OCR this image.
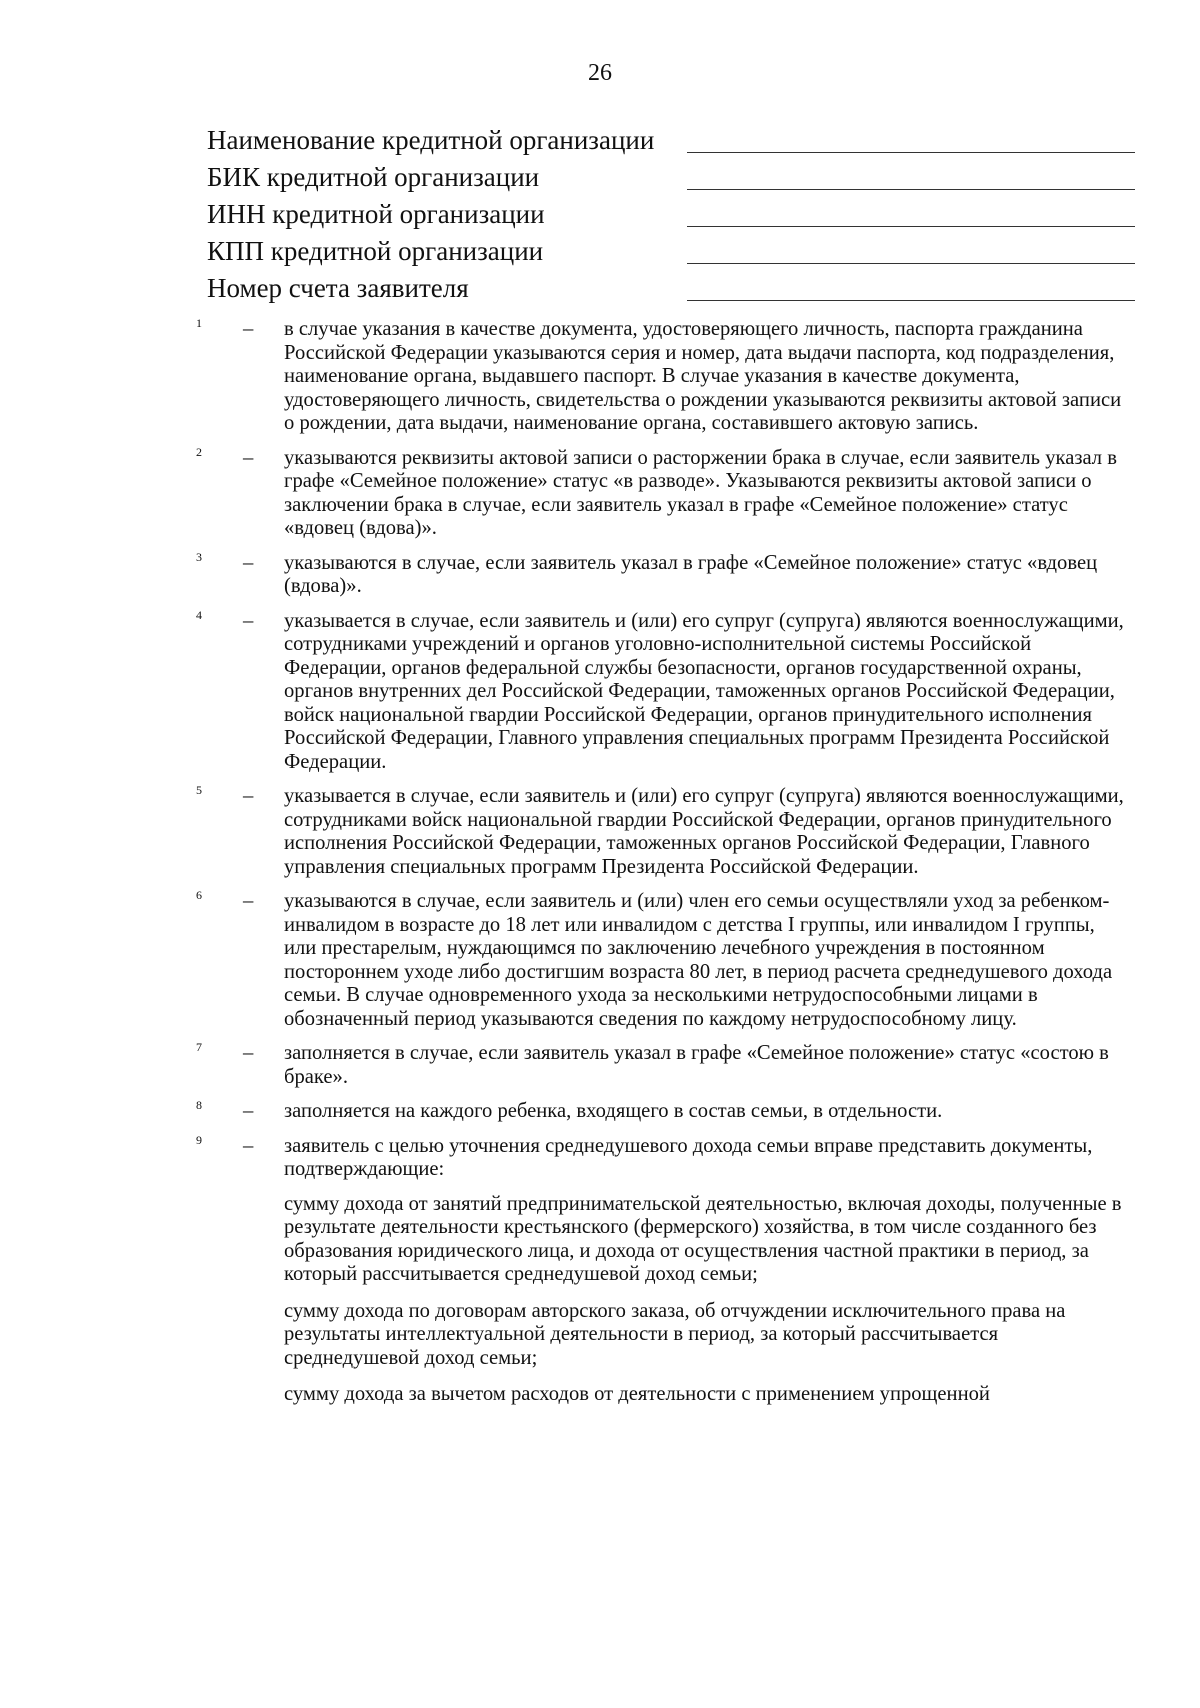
26
Наименование кредитной организации
БИК кредитной организации
ИНН кредитной организации
КПП кредитной организации
Номер счета заявителя
1 – в случае указания в качестве документа, удостоверяющего личность, паспорта гражданина Российской Федерации указываются серия и номер, дата выдачи паспорта, код подразделения, наименование органа, выдавшего паспорт. В случае указания в качестве документа, удостоверяющего личность, свидетельства о рождении указываются реквизиты актовой записи о рождении, дата выдачи, наименование органа, составившего актовую запись.
2 – указываются реквизиты актовой записи о расторжении брака в случае, если заявитель указал в графе «Семейное положение» статус «в разводе». Указываются реквизиты актовой записи о заключении брака в случае, если заявитель указал в графе «Семейное положение» статус «вдовец (вдова)».
3 – указываются в случае, если заявитель указал в графе «Семейное положение» статус «вдовец (вдова)».
4 – указывается в случае, если заявитель и (или) его супруг (супруга) являются военнослужащими, сотрудниками учреждений и органов уголовно-исполнительной системы Российской Федерации, органов федеральной службы безопасности, органов государственной охраны, органов внутренних дел Российской Федерации, таможенных органов Российской Федерации, войск национальной гвардии Российской Федерации, органов принудительного исполнения Российской Федерации, Главного управления специальных программ Президента Российской Федерации.
5 – указывается в случае, если заявитель и (или) его супруг (супруга) являются военнослужащими, сотрудниками войск национальной гвардии Российской Федерации, органов принудительного исполнения Российской Федерации, таможенных органов Российской Федерации, Главного управления специальных программ Президента Российской Федерации.
6 – указываются в случае, если заявитель и (или) член его семьи осуществляли уход за ребенком-инвалидом в возрасте до 18 лет или инвалидом с детства I группы, или инвалидом I группы, или престарелым, нуждающимся по заключению лечебного учреждения в постоянном постороннем уходе либо достигшим возраста 80 лет, в период расчета среднедушевого дохода семьи. В случае одновременного ухода за несколькими нетрудоспособными лицами в обозначенный период указываются сведения по каждому нетрудоспособному лицу.
7 – заполняется в случае, если заявитель указал в графе «Семейное положение» статус «состою в браке».
8 – заполняется на каждого ребенка, входящего в состав семьи, в отдельности.
9 – заявитель с целью уточнения среднедушевого дохода семьи вправе представить документы, подтверждающие:
сумму дохода от занятий предпринимательской деятельностью, включая доходы, полученные в результате деятельности крестьянского (фермерского) хозяйства, в том числе созданного без образования юридического лица, и дохода от осуществления частной практики в период, за который рассчитывается среднедушевой доход семьи;
сумму дохода по договорам авторского заказа, об отчуждении исключительного права на результаты интеллектуальной деятельности в период, за который рассчитывается среднедушевой доход семьи;
сумму дохода за вычетом расходов от деятельности с применением упрощенной
